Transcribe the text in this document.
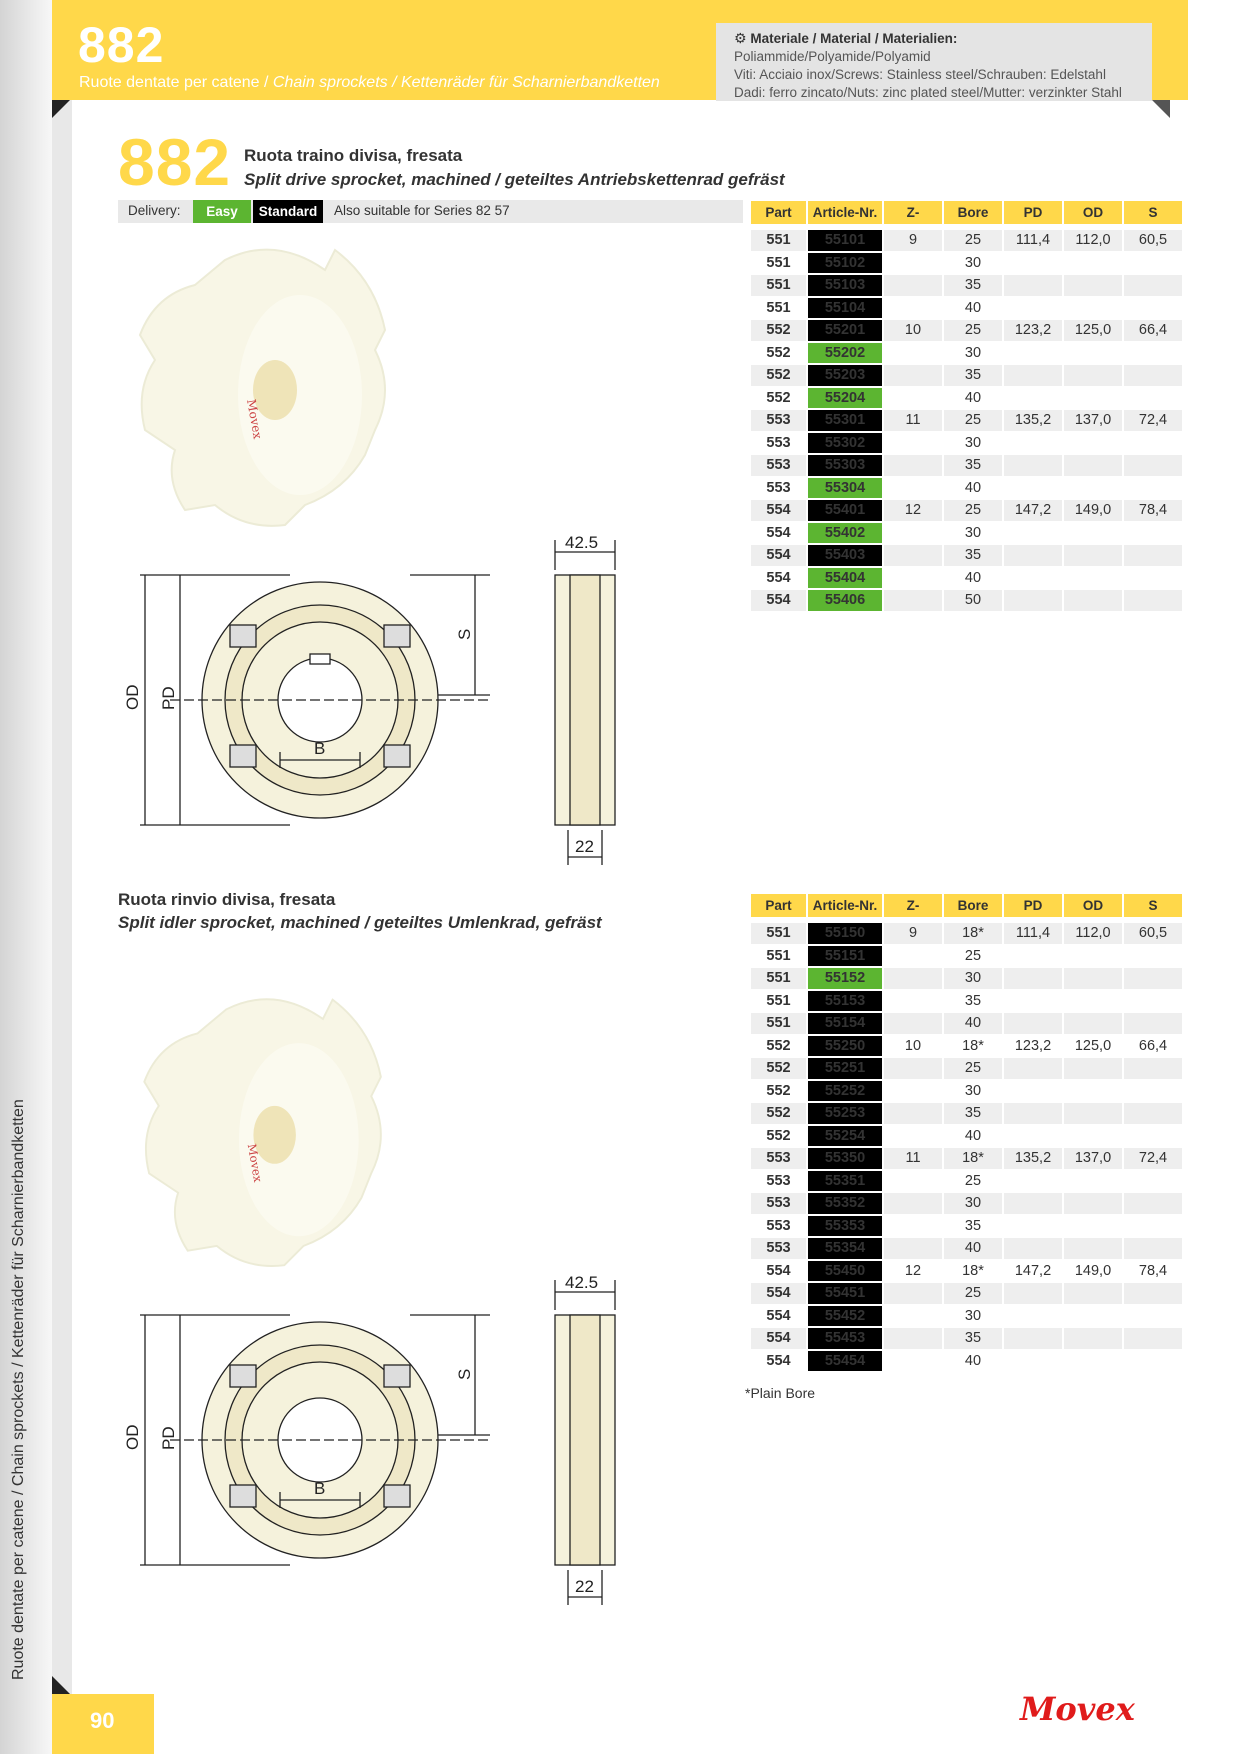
Ruote dentate per catene / Chain sprockets / Kettenräder für Scharnierbandketten
882
Ruote dentate per catene / Chain sprockets / Kettenräder für Scharnierbandketten
⚙ Materiale / Material / Materialien:
Poliammide/Polyamide/Polyamid
Viti: Acciaio inox/Screws: Stainless steel/Schrauben: Edelstahl
Dadi: ferro zincato/Nuts: zinc plated steel/Mutter: verzinkter Stahl
882 Ruota traino divisa, fresata
Split drive sprocket, machined / geteiltes Antriebskettenrad gefräst
Delivery:	Easy	Standard	Also suitable for Series 82 57	Part	Article-Nr.	Z-	Bore	PD	OD	S

551	55101	9	25	111,4	112,0	60,5
551	55102		30			
551	55103		35			
551	55104		40			
552	55201	10	25	123,2	125,0	66,4
552	55202		30			
552	55203		35			
552	55204		40			
553	55301	11	25	135,2	137,0	72,4
553	55302		30			
553	55303		35			
553	55304		40			
554	55401	12	25	147,2	149,0	78,4
554	55402		30			
554	55403		35			
554	55404		40			
554	55406		50			
Movex
42.5
22
OD PD
S
B
Ruota rinvio divisa, fresata
Split idler sprocket, machined / geteiltes Umlenkrad, gefräst
Part	Article-Nr.	Z-	Bore	PD	OD	S

551	55150	9	18*	111,4	112,0	60,5
551	55151		25			
551	55152		30			
551	55153		35			
551	55154		40			
552	55250	10	18*	123,2	125,0	66,4
552	55251		25			
552	55252		30			
552	55253		35			
552	55254		40			
553	55350	11	18*	135,2	137,0	72,4
553	55351		25			
553	55352		30			
553	55353		35			
553	55354		40			
554	55450	12	18*	147,2	149,0	78,4
554	55451		25			
554	55452		30			
554	55453		35			
554	55454		40			
*Plain Bore
Movex
42.5
22
OD PD
S
B
90	Movex
